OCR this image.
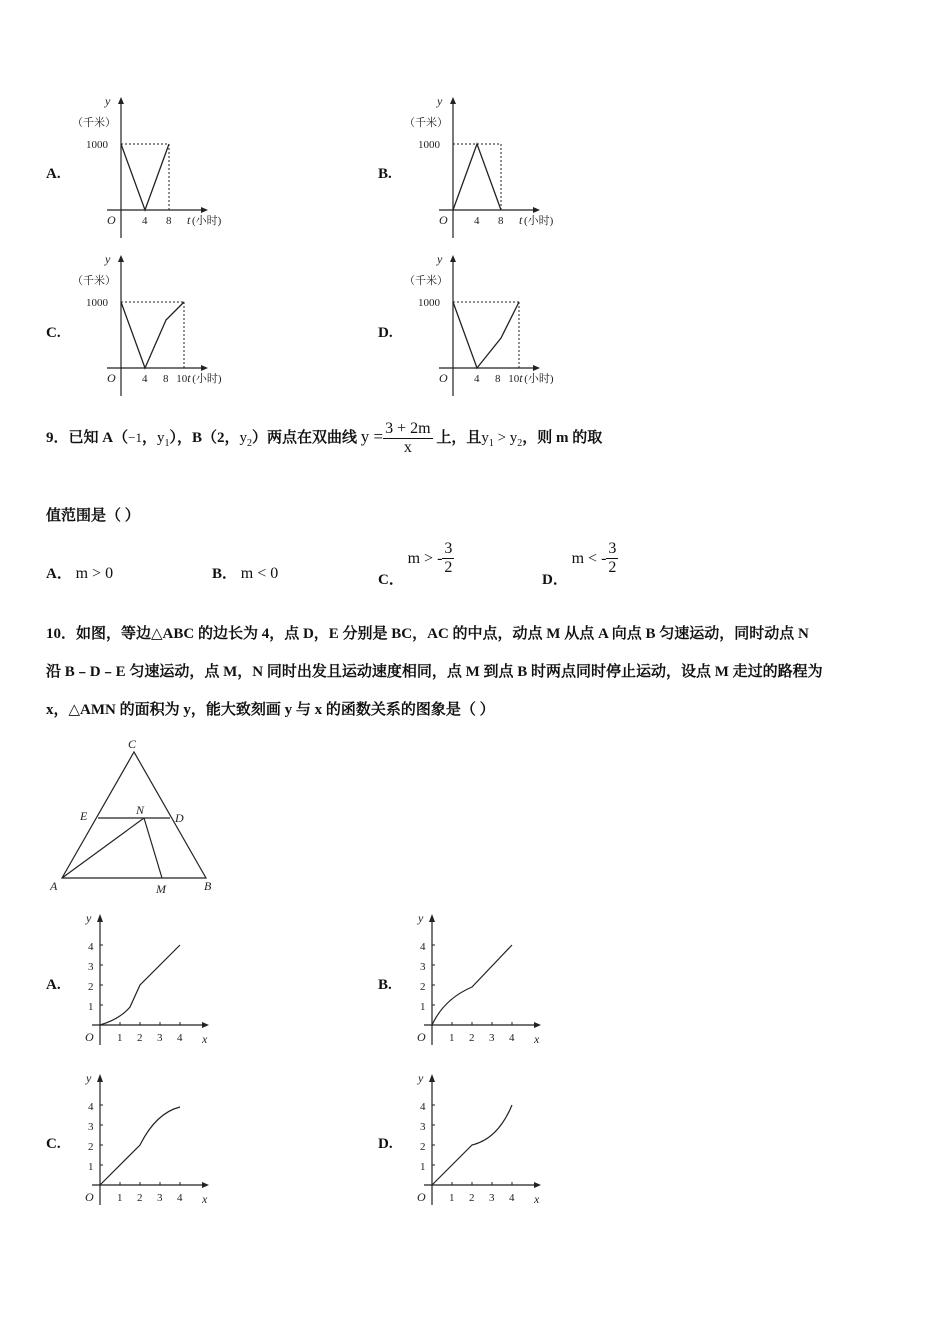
A.	B.
C.	D.
y
（千米）
1000
O 4 8 t (小时)
y
（千米）
1000
O 4 8 t (小时)
y
（千米）
1000
O 4 8 10 t (小时)
y
（千米）
1000
O 4 8 10 t (小时)
9．已知 A（−1，$y_1$），B（2，$y_2$）两点在双曲线 $y = \frac{3 + 2m}{x}$ 上，且$y_1 > y_2$，则 m 的取
值范围是（ ）
A． m > 0	B． m < 0	C． m > - $\frac{3}{2}$
D． m < - $\frac{3}{2}$
10．如图，等边△ABC 的边长为 4，点 D，E 分别是 BC，AC 的中点，动点 M 从点 A 向点 B 匀速运动，同时动点 N
沿 B﹣D﹣E 匀速运动，点 M，N 同时出发且运动速度相同，点 M 到点 B 时两点同时停止运动，设点 M 走过的路程为
x，△AMN 的面积为 y，能大致刻画 y 与 x 的函数关系的图象是（ ）
C
E	N
D
A	M	B
A.	B.
C.	D.
y
x
O 1
1
2
2
3
3
4
4
y
x
O 1
1
2
2
3
3
4
4
y
x
O 1
1
2
2
3
3
4
4
y
x
O 1
1
2
2
3
3
4
4
